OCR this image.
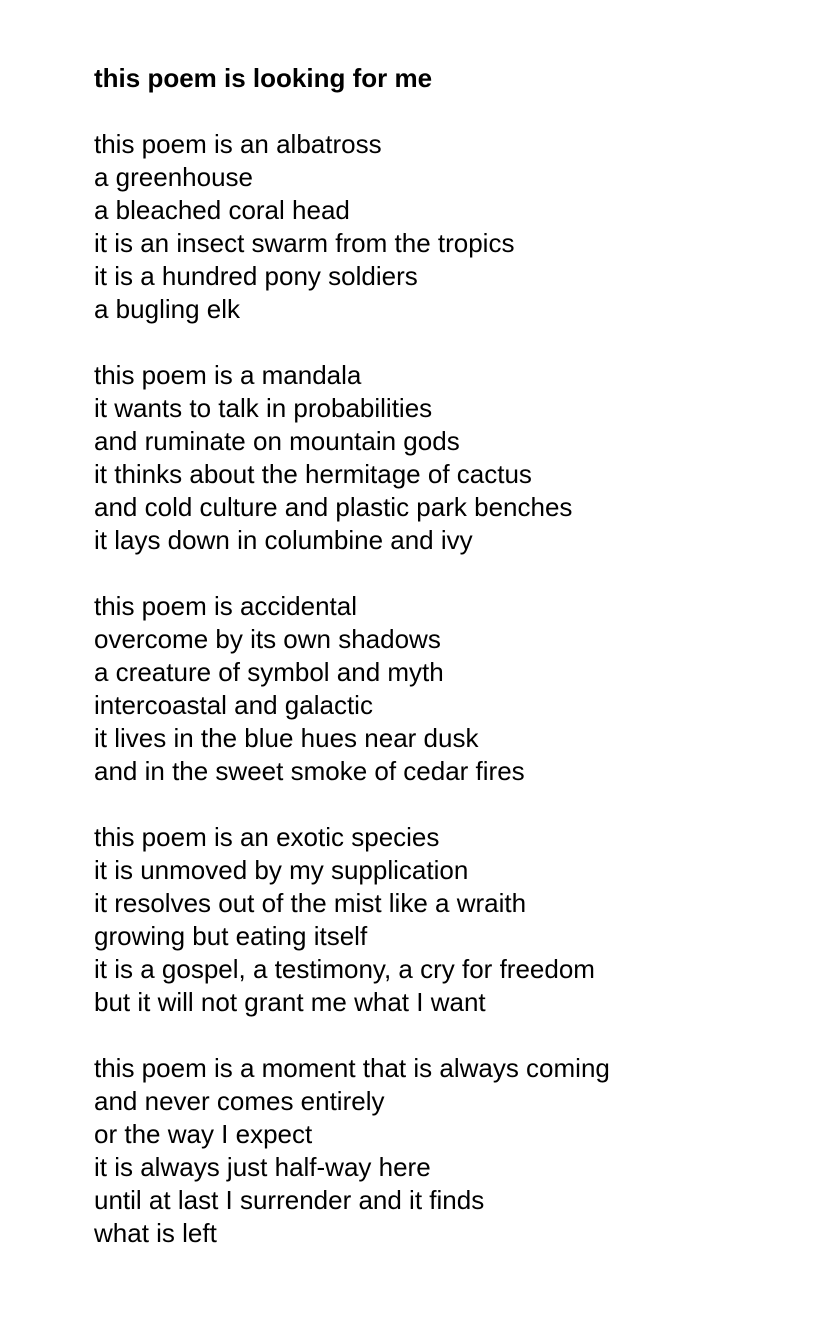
this poem is looking for me
this poem is an albatross
a greenhouse
a bleached coral head
it is an insect swarm from the tropics
it is a hundred pony soldiers
a bugling elk
this poem is a mandala
it wants to talk in probabilities
and ruminate on mountain gods
it thinks about the hermitage of cactus
and cold culture and plastic park benches
it lays down in columbine and ivy
this poem is accidental
overcome by its own shadows
a creature of symbol and myth
intercoastal and galactic
it lives in the blue hues near dusk
and in the sweet smoke of cedar fires
this poem is an exotic species
it is unmoved by my supplication
it resolves out of the mist like a wraith
growing but eating itself
it is a gospel, a testimony, a cry for freedom
but it will not grant me what I want
this poem is a moment that is always coming
and never comes entirely
or the way I expect
it is always just half-way here
until at last I surrender and it finds
what is left
